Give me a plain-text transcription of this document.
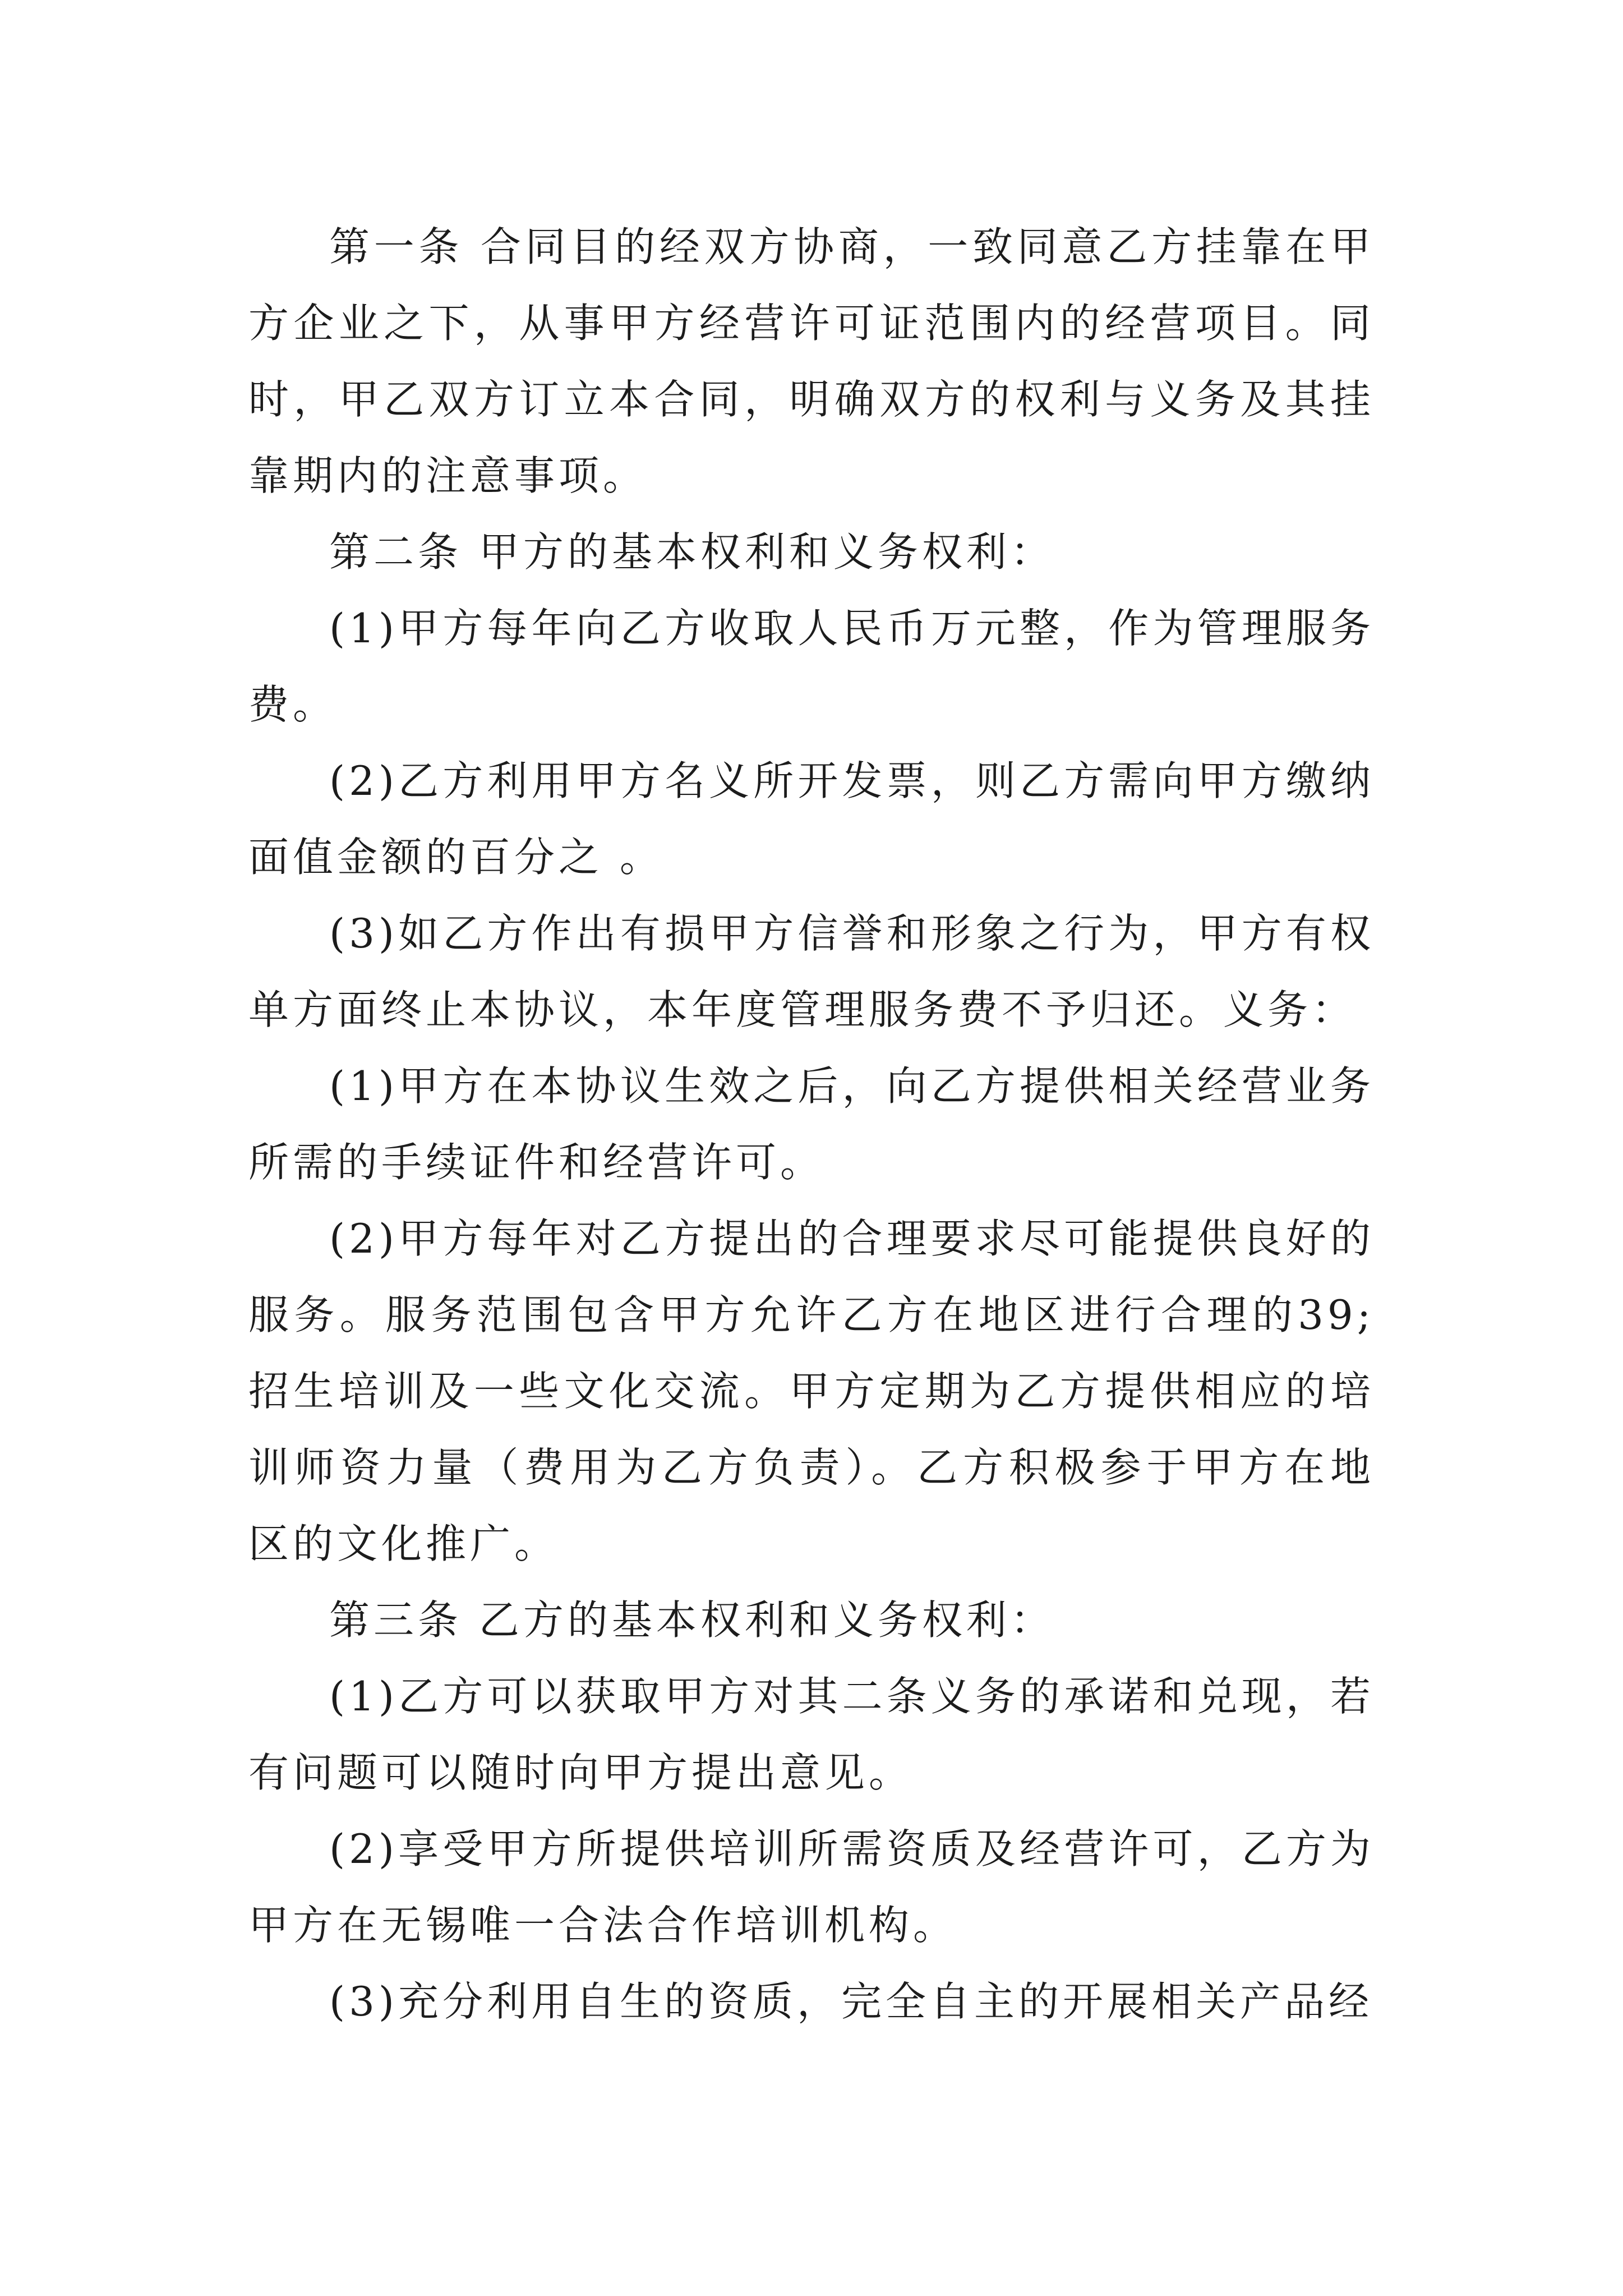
第一条 合同目的经双方协商，一致同意乙方挂靠在甲方企业之下，从事甲方经营许可证范围内的经营项目。同时，甲乙双方订立本合同，明确双方的权利与义务及其挂靠期内的注意事项。

第二条 甲方的基本权利和义务权利：

(1)甲方每年向乙方收取人民币万元整，作为管理服务费。

(2)乙方利用甲方名义所开发票，则乙方需向甲方缴纳面值金额的百分之 。

(3)如乙方作出有损甲方信誉和形象之行为，甲方有权单方面终止本协议，本年度管理服务费不予归还。义务：

(1)甲方在本协议生效之后，向乙方提供相关经营业务所需的手续证件和经营许可。

(2)甲方每年对乙方提出的合理要求尽可能提供良好的服务。服务范围包含甲方允许乙方在地区进行合理的39;招生培训及一些文化交流。甲方定期为乙方提供相应的培训师资力量（费用为乙方负责）。乙方积极参于甲方在地区的文化推广。

第三条 乙方的基本权利和义务权利：

(1)乙方可以获取甲方对其二条义务的承诺和兑现，若有问题可以随时向甲方提出意见。

(2)享受甲方所提供培训所需资质及经营许可，乙方为甲方在无锡唯一合法合作培训机构。

(3)充分利用自生的资质，完全自主的开展相关产品经
